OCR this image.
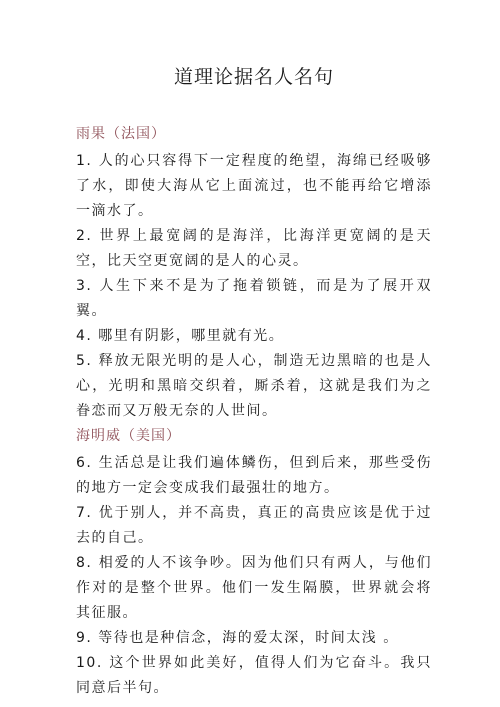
道理论据名人名句
雨果（法国）

1. 人的心只容得下一定程度的绝望，海绵已经吸够了水，即使大海从它上面流过，也不能再给它增添一滴水了。

2. 世界上最宽阔的是海洋，比海洋更宽阔的是天空，比天空更宽阔的是人的心灵。

3. 人生下来不是为了拖着锁链，而是为了展开双翼。

4. 哪里有阴影，哪里就有光。

5. 释放无限光明的是人心，制造无边黑暗的也是人心，光明和黑暗交织着，厮杀着，这就是我们为之眷恋而又万般无奈的人世间。

海明威（美国）

6. 生活总是让我们遍体鳞伤，但到后来，那些受伤的地方一定会变成我们最强壮的地方。

7. 优于别人，并不高贵，真正的高贵应该是优于过去的自己。

8. 相爱的人不该争吵。因为他们只有两人，与他们作对的是整个世界。他们一发生隔膜，世界就会将其征服。

9. 等待也是种信念，海的爱太深，时间太浅 。

10. 这个世界如此美好，值得人们为它奋斗。我只同意后半句。
